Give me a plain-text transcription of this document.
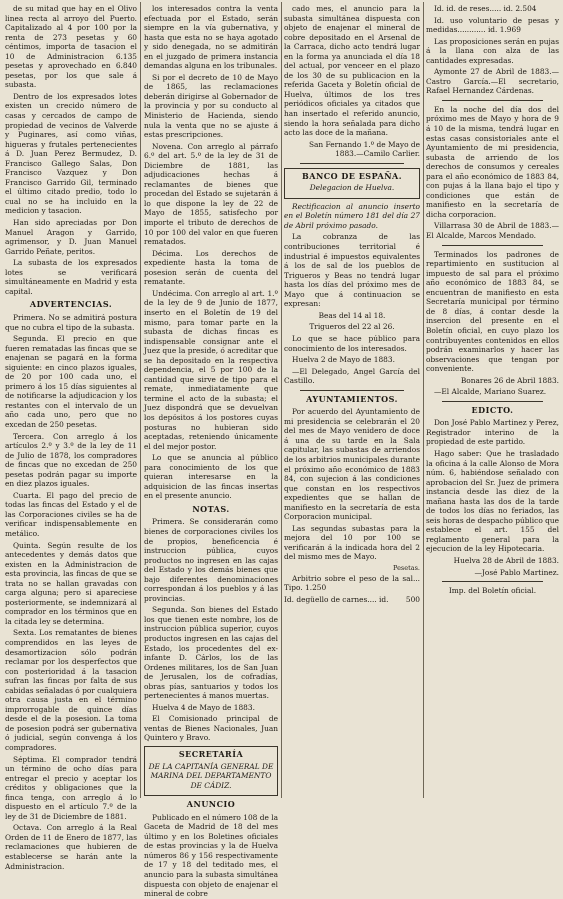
de su mitad que hay en el Olivo linea recta al arroyo del Puerto. Capitalizado al 4 por 100 por la renta de 273 pesetas y 60 céntimos, importa de tasacion el 10 de Administracion 6.135 pesetas y aprovechado en 6.840 pesetas, por los que sale á subasta.

Dentro de los expresados lotes existen un crecido número de casas y cercados de campo de propiedad de vecinos de Valverde y Puginares, así como viñas, higueras y frutales pertenecientes á D. Juan Perez Bermudez, D. Francisco Gallego Salas, Don Francisco Vazquez y Don Francisco Garrido Gil, terminado el último citado predio, todo lo cual no se ha incluido en la medicion y tasacion.

Han sido apreciadas por Don Manuel Aragon y Garrido, agrimensor, y D. Juan Manuel Garrido Peñate, peritos.

La subasta de los expresados lotes se verificará simultáneamente en Madrid y esta capital.

ADVERTENCIAS.

Primera. No se admitirá postura que no cubra el tipo de la subasta.

Segunda. El precio en que fueren rematadas las fincas que se enajenan se pagará en la forma siguiente: en cinco plazos iguales, de 20 por 100 cada uno, el primero á los 15 días siguientes al de notificarse la adjudicacion y los restantes con el intervalo de un año cada uno, pero que no excedan de 250 pesetas.

Tercera. Con arreglo á los artículos 2.º y 3.º de la ley de 11 de Julio de 1878, los compradores de fincas que no excedan de 250 pesetas podrán pagar su importe en diez plazos iguales.

Cuarta. El pago del precio de todas las fincas del Estado y el de las Corporaciones civiles se ha de verificar indispensablemente en metálico.

Quinta. Según resulte de los antecedentes y demás datos que existen en la Administracion de esta provincia, las fincas de que se trata no se hallan gravadas con carga alguna; pero si apareciese posteriormente, se indemnizará al comprador en los términos que en la citada ley se determina.

Sexta. Los rematantes de bienes comprendidos en las leyes de desamortizacion sólo podrán reclamar por los desperfectos que con posterioridad á la tasacion sufran las fincas por falta de sus cabidas señaladas ó por cualquiera otra causa justa en el término improrrogable de quince días desde el de la posesion. La toma de posesion podrá ser gubernativa ó judicial, según convenga á los compradores.

Séptima. El comprador tendrá un término de ocho días para entregar el precio y aceptar los créditos y obligaciones que la finca tenga, con arreglo á lo dispuesto en el artículo 7.º de la ley de 31 de Diciembre de 1881.

Octava. Con arreglo á la Real Orden de 11 de Enero de 1877, las reclamaciones que hubieren de establecerse se harán ante la Administracion.

los interesados contra la venta efectuada por el Estado, serán siempre en la vía gubernativa, y hasta que esta no se haya agotado y sido denegada, no se admitirán en el juzgado de primera instancia demandas alguna en los tribunales.

Si por el decreto de 10 de Mayo de 1865, las reclamaciones deberán dirigirse al Gobernador de la provincia y por su conducto al Ministerio de Hacienda, siendo nula la venta que no se ajuste á estas prescripciones.

Novena. Con arreglo al párrafo 6.º del art. 5.º de la ley de 31 de Diciembre de 1881, las adjudicaciones hechas á reclamantes de bienes que procedan del Estado se sujetarán á lo que dispone la ley de 22 de Mayo de 1855, satisfecho por importe el tributo de derechos de 10 por 100 del valor en que fueren rematados.

Décima. Los derechos de expediente hasta la toma de posesion serán de cuenta del rematante.

Undécima. Con arreglo al art. 1.º de la ley de 9 de Junio de 1877, inserto en el Boletín de 19 del mismo, para tomar parte en la subasta de dichas fincas es indispensable consignar ante el Juez que la preside, ó acreditar que se ha depositado en la respectiva dependencia, el 5 por 100 de la cantidad que sirve de tipo para el remate, inmediatamente que termine el acto de la subasta; el Juez dispondrá que se devuelvan los depósitos á los postores cuyas posturas no hubieran sido aceptadas, reteniendo únicamente el del mejor postor.

Lo que se anuncia al público para conocimiento de los que quieran interesarse en la adquisicion de las fincas insertas en el presente anuncio.

NOTAS.

Primera. Se considerarán como bienes de corporaciones civiles los de propios, beneficencia é instruccion pública, cuyos productos no ingresen en las cajas del Estado y los demás bienes que bajo diferentes denominaciones correspondan á los pueblos y á las provincias.

Segunda. Son bienes del Estado los que tienen este nombre, los de instruccion pública superior, cuyos productos ingresen en las cajas del Estado, los procedentes del ex-infante D. Cárlos, los de las Ordenes militares, los de San Juan de Jerusalen, los de cofradías, obras pías, santuarios y todos los pertenecientes á manos muertas.

Huelva 4 de Mayo de 1883.

El Comisionado principal de ventas de Bienes Nacionales, Juan Quintero y Bravo.

SECRETARÍA
DE LA CAPITANÍA GENERAL DE MARINA DEL DEPARTAMENTO DE CÁDIZ.
ANUNCIO

Publicado en el número 108 de la Gaceta de Madrid de 18 del mes último y en los Boletines oficiales de estas provincias y la de Huelva números 86 y 156 respectivamente de 17 y 18 del teditado mes, el anuncio para la subasta simultánea dispuesta con objeto de enajenar el mineral de cobre

cado mes, el anuncio para la subasta simultánea dispuesta con objeto de enajenar el mineral de cobre depositado en el Arsenal de la Carraca, dicho acto tendrá lugar en la forma ya anunciada el día 18 del actual, por venceer en el plazo de los 30 de su publicacion en la referida Gaceta y Boletín oficial de Huelva, últimos de los tres periódicos oficiales ya citados que han insertado el referido anuncio, siendo la hora señalada para dicho acto las doce de la mañana.

San Fernando 1.º de Mayo de 1883.—Camilo Carlier.

BANCO DE ESPAÑA.
Delegacion de Huelva.

Rectificacion al anuncio inserto en el Boletín número 181 del día 27 de Abril próximo pasado.

La cobranza de las contribuciones territorial é industrial é impuestos equivalentes á los de sal de los pueblos de Trigueros y Beas no tendrá lugar hasta los días del próximo mes de Mayo que á continuacion se expresan:

Beas del 14 al 18.

Trigueros del 22 al 26.

Lo que se hace público para conocimiento de los interesados.

Huelva 2 de Mayo de 1883.

—El Delegado, Angel García del Castillo.

AYUNTAMIENTOS.

Por acuerdo del Ayuntamiento de mi presidencia se celebrarán el 20 del mes de Mayo venidero de doce á una de su tarde en la Sala capitular, las subastas de arriendos de los arbitrios municipales durante el próximo año económico de 1883 84, con sujecion á las condiciones que constan en los respectivos expedientes que se hallan de manifiesto en la secretaría de esta Corporacion municipal.

Las segundas subastas para la mejora del 10 por 100 se verificarán á la indicada hora del 2 del mismo mes de Mayo.

Pesetas.

Arbitrio sobre el peso de la sal... Tipo. 1.250

Id. degüello de carnes.... id. 500

Id. id. de reses..... id. 2.504

Id. uso voluntario de pesas y medidas............ id. 1.969

Las proposiciones serán en pujas á la llana con alza de las cantidades expresadas.

Aymonte 27 de Abril de 1883.—Castro García.—El secretario, Rafael Hernandez Cárdenas.

En la noche del día dos del próximo mes de Mayo y hora de 9 á 10 de la misma, tendrá lugar en estas casas consistoriales ante el Ayuntamiento de mi presidencia, subasta de arriendo de los derechos de consumos y cereales para el año económico de 1883 84, con pujas á la llana bajo el tipo y condiciones que están de manifiesto en la secretaría de dicha corporacion.

Villarrasa 30 de Abril de 1883.—El Alcalde, Marcos Mendado.

Terminados los padrones de repartimiento en sustitucion al impuesto de sal para el próximo año económico de 1883 84, se encuentran de manifiesto en esta Secretaría municipal por término de 8 días, á contar desde la insercion del presente en el Boletín oficial, en cuyo plazo los contribuyentes contenidos en ellos podrán examinarlos y hacer las observaciones que tengan por conveniente.

Bonares 26 de Abril 1883.

—El Alcalde, Mariano Suarez.

EDICTO.

Don José Pablo Martinez y Perez, Registrador interino de la propiedad de este partido.

Hago saber: Que he trasladado la oficina á la calle Alonso de Mora núm. 6, habiéndose señalado con aprobacion del Sr. Juez de primera instancia desde las diez de la mañana hasta las dos de la tarde de todos los días no feriados, las seis horas de despacho público que establece el art. 155 del reglamento general para la ejecucion de la ley Hipotecaria.

Huelva 28 de Abril de 1883.

—José Pablo Martinez.

Imp. del Boletín oficial.
